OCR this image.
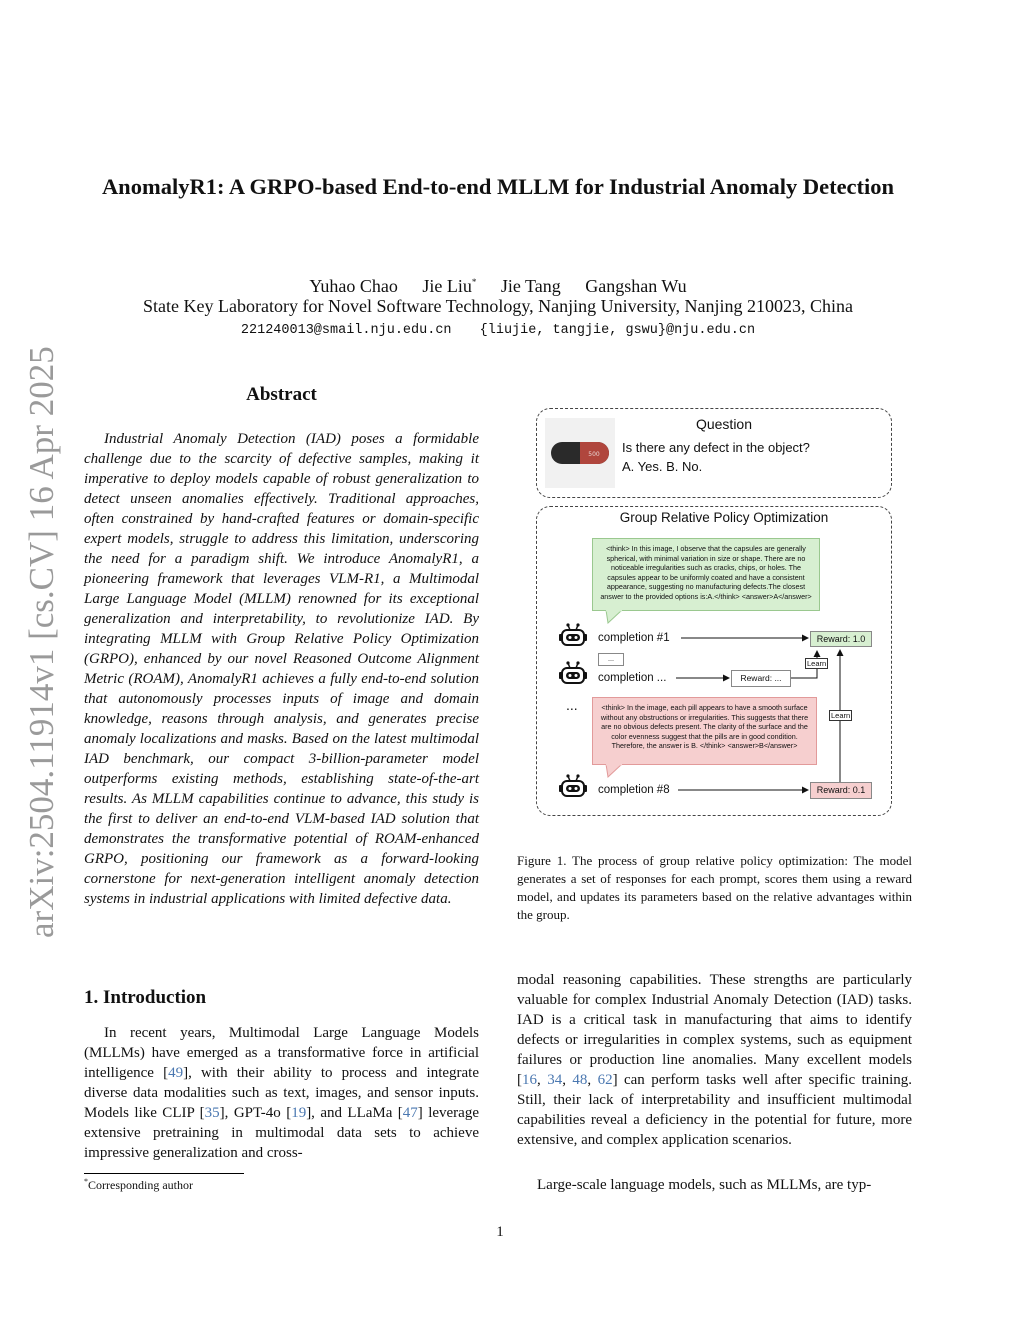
arXiv:2504.11914v1 [cs.CV] 16 Apr 2025
AnomalyR1: A GRPO-based End-to-end MLLM for Industrial Anomaly Detection
Yuhao Chao Jie Liu* Jie Tang Gangshan Wu
State Key Laboratory for Novel Software Technology, Nanjing University, Nanjing 210023, China
221240013@smail.nju.edu.cn {liujie, tangjie, gswu}@nju.edu.cn
Abstract

Industrial Anomaly Detection (IAD) poses a formidable challenge due to the scarcity of defective samples, making it imperative to deploy models capable of robust generalization to detect unseen anomalies effectively. Traditional approaches, often constrained by hand-crafted features or domain-specific expert models, struggle to address this limitation, underscoring the need for a paradigm shift. We introduce AnomalyR1, a pioneering framework that leverages VLM-R1, a Multimodal Large Language Model (MLLM) renowned for its exceptional generalization and interpretability, to revolutionize IAD. By integrating MLLM with Group Relative Policy Optimization (GRPO), enhanced by our novel Reasoned Outcome Alignment Metric (ROAM), AnomalyR1 achieves a fully end-to-end solution that autonomously processes inputs of image and domain knowledge, reasons through analysis, and generates precise anomaly localizations and masks. Based on the latest multimodal IAD benchmark, our compact 3-billion-parameter model outperforms existing methods, establishing state-of-the-art results. As MLLM capabilities continue to advance, this study is the first to deliver an end-to-end VLM-based IAD solution that demonstrates the transformative potential of ROAM-enhanced GRPO, positioning our framework as a forward-looking cornerstone for next-generation intelligent anomaly detection systems in industrial applications with limited defective data.

1. Introduction

In recent years, Multimodal Large Language Models (MLLMs) have emerged as a transformative force in artificial intelligence [49], with their ability to process and integrate diverse data modalities such as text, images, and sensor inputs. Models like CLIP [35], GPT-4o [19], and LLaMa [47] leverage extensive pretraining in multimodal data sets to achieve impressive generalization and cross-

*Corresponding author

modal reasoning capabilities. These strengths are particularly valuable for complex Industrial Anomaly Detection (IAD) tasks. IAD is a critical task in manufacturing that aims to identify defects or irregularities in complex systems, such as equipment failures or production line anomalies. Many excellent models [16, 34, 48, 62] can perform tasks well after specific training. Still, their lack of interpretability and insufficient multimodal capabilities reveal a deficiency in the potential for future, more extensive, and complex application scenarios.

Large-scale language models, such as MLLMs, are typ-

Question
500 Is there any defect in the object?
A. Yes. B. No.
Group Relative Policy Optimization
<think> In this image, I observe that the capsules are generally spherical, with minimal variation in size or shape. There are no noticeable irregularities such as cracks, chips, or holes. The capsules appear to be uniformly coated and have a consistent appearance, suggesting no manufacturing defects.The closest answer to the provided options is:A.</think> <answer>A</answer>
...
<think> In the image, each pill appears to have a smooth surface without any obstructions or irregularities. This suggests that there are no obvious defects present. The clarity of the surface and the color evenness suggest that the pills are in good condition. Therefore, the answer is B. </think> <answer>B</answer>
...
completion #1
completion ...
completion #8
Reward: 1.0
Reward: ...
Reward: 0.1
Learn
Learn

Figure 1. The process of group relative policy optimization: The model generates a set of responses for each prompt, scores them using a reward model, and updates its parameters based on the relative advantages within the group.

1
